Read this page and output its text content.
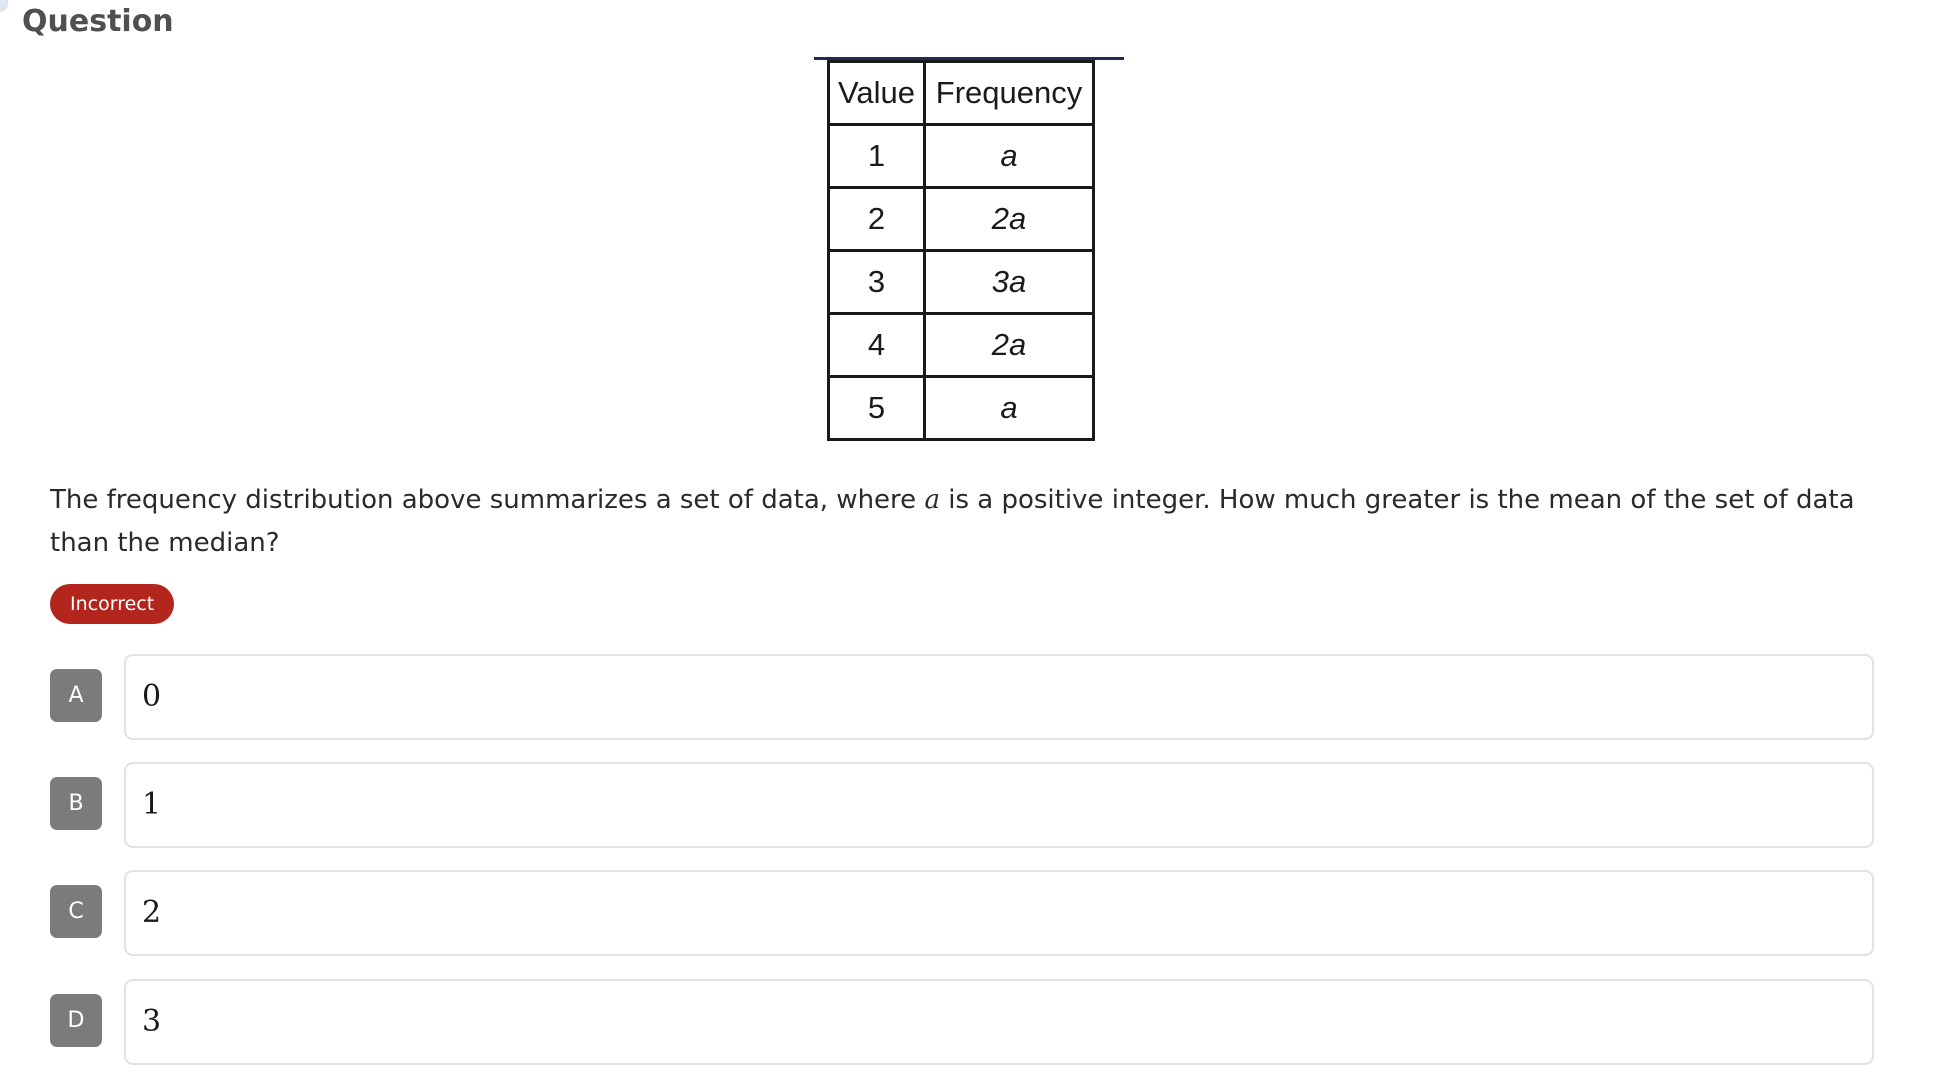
Question
Value	Frequency
1	a
2	2a
3	3a
4	2a
5	a

The frequency distribution above summarizes a set of data, where a is a positive integer. How much greater is the mean of the set of data than the median?

Incorrect
A	0
B	1
C	2
D	3
